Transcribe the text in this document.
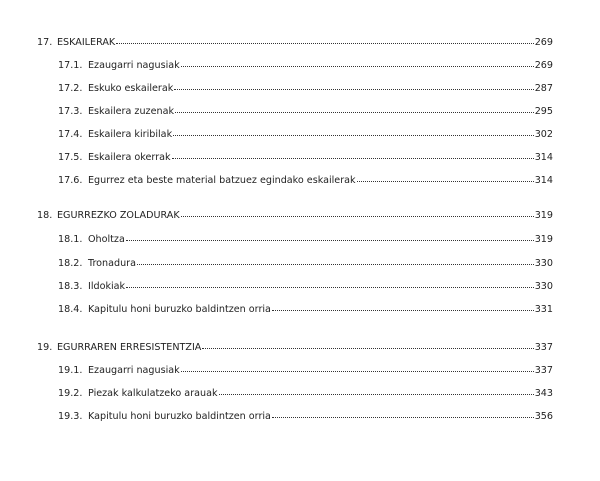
17. ESKAILERAK	269
17.1. Ezaugarri nagusiak	269
17.2. Eskuko eskailerak	287
17.3. Eskailera zuzenak	295
17.4. Eskailera kiribilak	302
17.5. Eskailera okerrak	314
17.6. Egurrez eta beste material batzuez egindako eskailerak	314
18. EGURREZKO ZOLADURAK	319
18.1. Oholtza	319
18.2. Tronadura	330
18.3. Ildokiak	330
18.4. Kapitulu honi buruzko baldintzen orria	331
19. EGURRAREN ERRESISTENTZIA	337
19.1. Ezaugarri nagusiak	337
19.2. Piezak kalkulatzeko arauak	343
19.3. Kapitulu honi buruzko baldintzen orria	356
